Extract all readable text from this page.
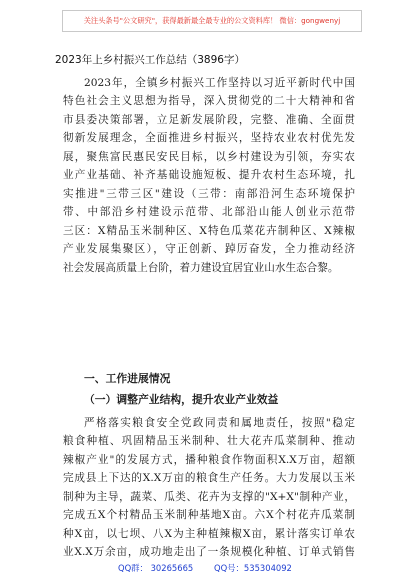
关注头条号"公文研究"，获得最新最全最专业的公文资料库！ 微信：gongwenyj
2023年上乡村振兴工作总结（3896字）
2023年，全镇乡村振兴工作坚持以习近平新时代中国
特色社会主义思想为指导，深入贯彻党的二十大精神和省
市县委决策部署，立足新发展阶段，完整、准确、全面贯
彻新发展理念，全面推进乡村振兴，坚持农业农村优先发
展，聚焦富民惠民安民目标，以乡村建设为引领，夯实农
业产业基础、补齐基础设施短板、提升农村生态环境，扎
实推进"三带三区"建设（三带：南部沿河生态环境保护
带、中部沿乡村建设示范带、北部沿山能人创业示范带
三区：X精品玉米制种区、X特色瓜菜花卉制种区、X辣椒
产业发展集聚区），守正创新、踔厉奋发，全力推动经济
社会发展高质量上台阶，着力建设宜居宜业山水生态合黎。
一、工作进展情况
（一）调整产业结构，提升农业产业效益
严格落实粮食安全党政同责和属地责任，按照"稳定
粮食种植、巩固精品玉米制种、壮大花卉瓜菜制种、推动
辣椒产业"的发展方式，播种粮食作物面积X.X万亩，超额
完成县上下达的X.X万亩的粮食生产任务。大力发展以玉米
制种为主导，蔬菜、瓜类、花卉为支撑的"X+X"制种产业，
完成五X个村精品玉米制种基地X亩。六X个村花卉瓜菜制
种X亩，以七坝、八X为主种植辣椒X亩，累计落实订单农
业X.X万余亩，成功地走出了一条规模化种植、订单式销售
QQ群： 30265665 QQ号：535304092
